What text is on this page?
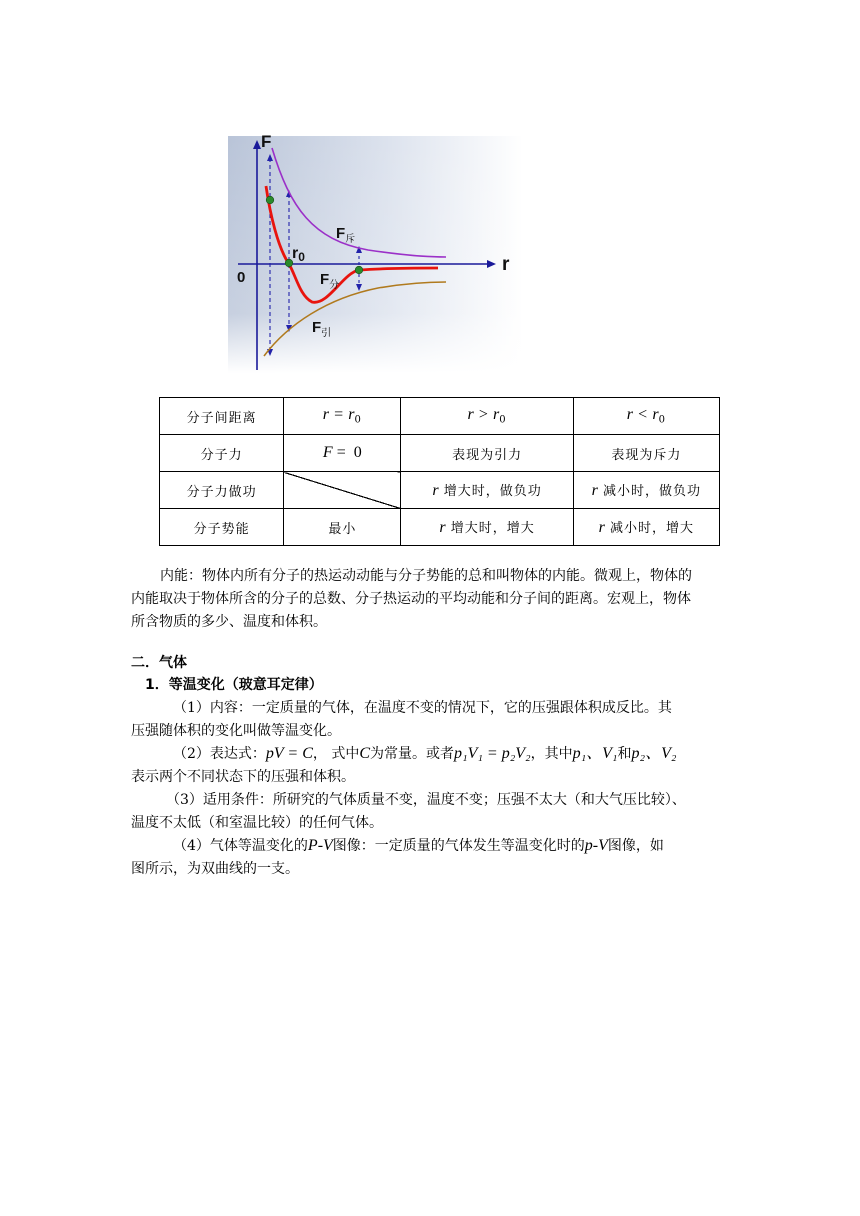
F
r
0
r0
$F_斥$
$F_分$
$F_引$
分子间距离	$r = r_0$	$r > r_0$	$r < r_0$
分子力	F =  0	表现为引力	表现为斥力
分子力做功		r 增大时，做负功	r 减小时，做负功
分子势能	最小	r 增大时，增大	r 减小时，增大
内能：物体内所有分子的热运动动能与分子势能的总和叫物体的内能。微观上，物体的
内能取决于物体所含的分子的总数、分子热运动的平均动能和分子间的距离。宏观上，物体
所含物质的多少、温度和体积。
二．气体
1．等温变化（玻意耳定律）
（1）内容：一定质量的气体，在温度不变的情况下，它的压强跟体积成反比。其
压强随体积的变化叫做等温变化。
（2）表达式：pV = C， 式中C为常量。或者p₁V₁ = p₂V₂，其中p₁、V₁和p₂、V₂
表示两个不同状态下的压强和体积。
（3）适用条件：所研究的气体质量不变，温度不变；压强不太大（和大气压比较）、
温度不太低（和室温比较）的任何气体。
（4）气体等温变化的P-V图像：一定质量的气体发生等温变化时的p-V图像，如
图所示，为双曲线的一支。
